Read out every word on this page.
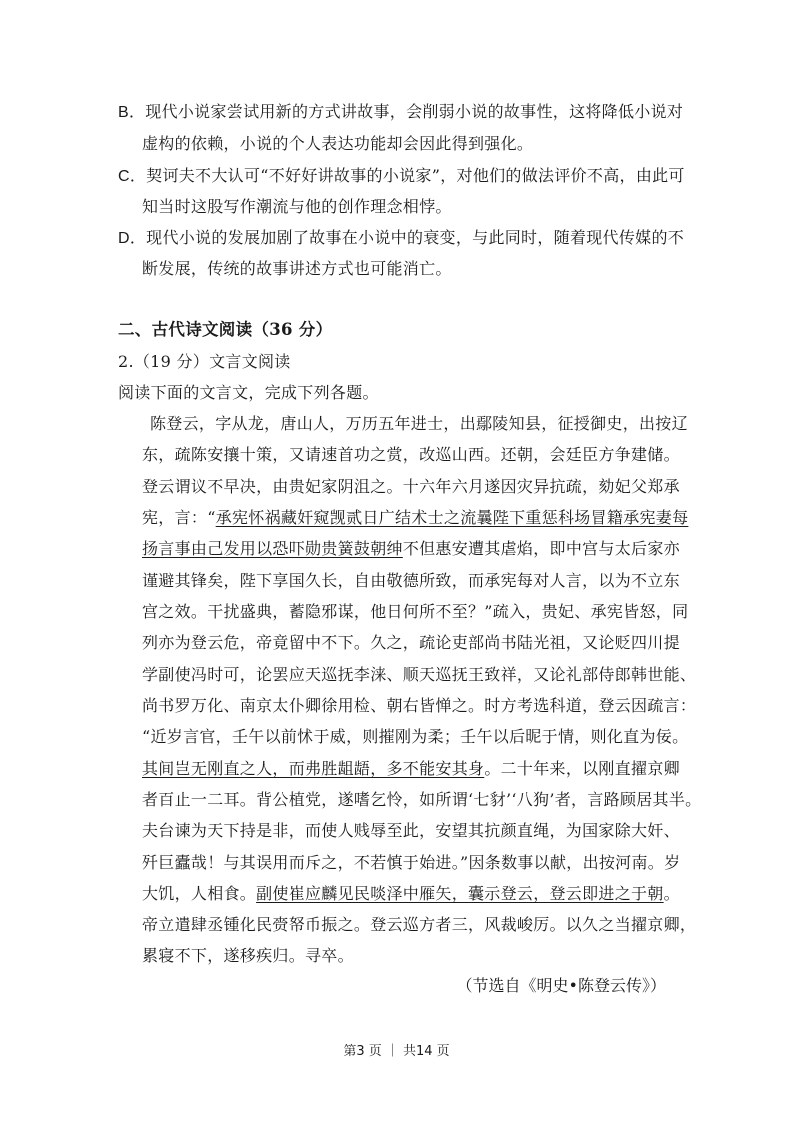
B．现代小说家尝试用新的方式讲故事，会削弱小说的故事性，这将降低小说对
虚构的依赖，小说的个人表达功能却会因此得到强化。
C．契诃夫不大认可“不好好讲故事的小说家”，对他们的做法评价不高，由此可
知当时这股写作潮流与他的创作理念相悖。
D．现代小说的发展加剧了故事在小说中的衰变，与此同时，随着现代传媒的不
断发展，传统的故事讲述方式也可能消亡。
二、古代诗文阅读（36 分）
2.（19 分）文言文阅读
阅读下面的文言文，完成下列各题。
陈登云，字从龙，唐山人，万历五年进士，出鄢陵知县，征授御史，出按辽
东，疏陈安攘十策，又请速首功之赏，改巡山西。还朝，会廷臣方争建储。
登云谓议不早决，由贵妃家阴沮之。十六年六月遂因灾异抗疏，劾妃父郑承
宪，言：“承宪怀祸藏奸窥觊贰日广结术士之流曩陛下重惩科场冒籍承宪妻每
扬言事由己发用以恐吓勋贵簧鼓朝绅不但惠安遭其虐焰，即中宫与太后家亦
谨避其锋矣，陛下享国久长，自由敬德所致，而承宪每对人言，以为不立东
宫之效。干扰盛典，蓄隐邪谋，他日何所不至？”疏入，贵妃、承宪皆怒，同
列亦为登云危，帝竟留中不下。久之，疏论吏部尚书陆光祖，又论贬四川提
学副使冯时可，论罢应天巡抚李涞、顺天巡抚王致祥，又论礼部侍郎韩世能、
尚书罗万化、南京太仆卿徐用检、朝右皆惮之。时方考选科道，登云因疏言：
“近岁言官，壬午以前怵于威，则摧刚为柔；壬午以后昵于情，则化直为佞。
其间岂无刚直之人，而弗胜龃龉，多不能安其身。二十年来，以刚直擢京卿
者百止一二耳。背公植党，遂嗜乞怜，如所谓‘七豺’‘八狗’者，言路顾居其半。
夫台谏为天下持是非，而使人贱辱至此，安望其抗颜直绳，为国家除大奸、
歼巨蠹哉！与其误用而斥之，不若慎于始进。”因条数事以献，出按河南。岁
大饥，人相食。副使崔应麟见民啖泽中雁矢，囊示登云，登云即进之于朝。
帝立遣肆丞锺化民赍帑币振之。登云巡方者三，风裁峻厉。以久之当擢京卿，
累寝不下，遂移疾归。寻卒。
（节选自《明史•陈登云传》）
第3 页 ｜ 共14 页
